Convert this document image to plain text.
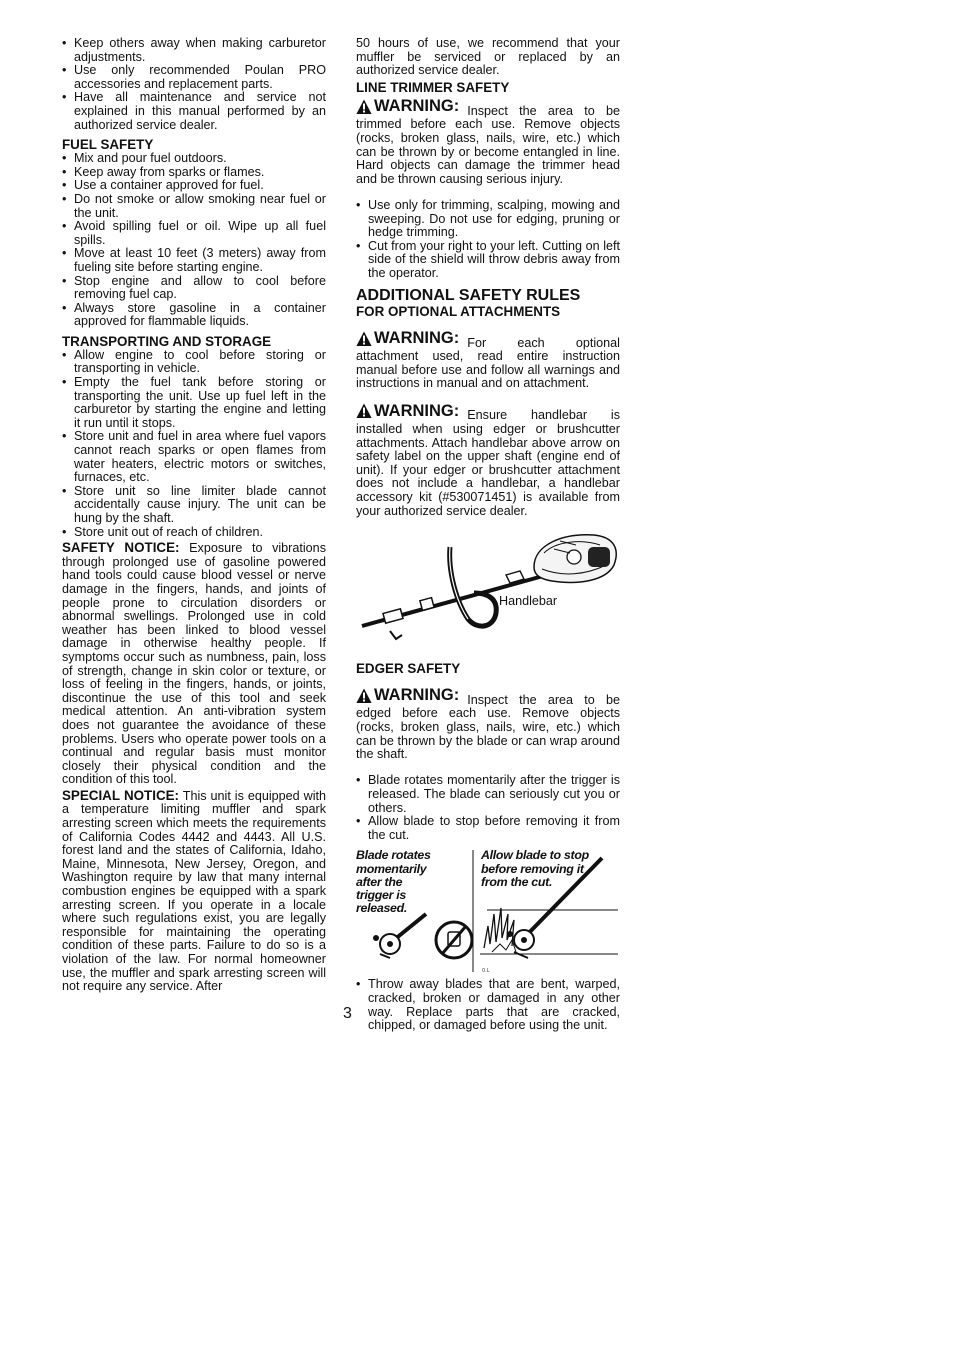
• Keep others away when making carburetor adjustments.
• Use only recommended Poulan PRO accessories and replacement parts.
• Have all maintenance and service not explained in this manual performed by an authorized service dealer.
FUEL SAFETY
• Mix and pour fuel outdoors.
• Keep away from sparks or flames.
• Use a container approved for fuel.
• Do not smoke or allow smoking near fuel or the unit.
• Avoid spilling fuel or oil. Wipe up all fuel spills.
• Move at least 10 feet (3 meters) away from fueling site before starting engine.
• Stop engine and allow to cool before removing fuel cap.
• Always store gasoline in a container approved for flammable liquids.
TRANSPORTING AND STORAGE
• Allow engine to cool before storing or transporting in vehicle.
• Empty the fuel tank before storing or transporting the unit. Use up fuel left in the carburetor by starting the engine and letting it run until it stops.
• Store unit and fuel in area where fuel vapors cannot reach sparks or open flames from water heaters, electric motors or switches, furnaces, etc.
• Store unit so line limiter blade cannot accidentally cause injury. The unit can be hung by the shaft.
• Store unit out of reach of children.

SAFETY NOTICE: Exposure to vibrations through prolonged use of gasoline powered hand tools could cause blood vessel or nerve damage in the fingers, hands, and joints of people prone to circulation disorders or abnormal swellings. Prolonged use in cold weather has been linked to blood vessel damage in otherwise healthy people. If symptoms occur such as numbness, pain, loss of strength, change in skin color or texture, or loss of feeling in the fingers, hands, or joints, discontinue the use of this tool and seek medical attention. An anti-vibration system does not guarantee the avoidance of these problems. Users who operate power tools on a continual and regular basis must monitor closely their physical condition and the condition of this tool.

SPECIAL NOTICE: This unit is equipped with a temperature limiting muffler and spark arresting screen which meets the requirements of California Codes 4442 and 4443. All U.S. forest land and the states of California, Idaho, Maine, Minnesota, New Jersey, Oregon, and Washington require by law that many internal combustion engines be equipped with a spark arresting screen. If you operate in a locale where such regulations exist, you are legally responsible for maintaining the operating condition of these parts. Failure to do so is a violation of the law. For normal homeowner use, the muffler and spark arresting screen will not require any service. After

50 hours of use, we recommend that your muffler be serviced or replaced by an authorized service dealer.

LINE TRIMMER SAFETY

WARNING: Inspect the area to be trimmed before each use. Remove objects (rocks, broken glass, nails, wire, etc.) which can be thrown by or become entangled in line. Hard objects can damage the trimmer head and be thrown causing serious injury.

• Use only for trimming, scalping, mowing and sweeping. Do not use for edging, pruning or hedge trimming.
• Cut from your right to your left. Cutting on left side of the shield will throw debris away from the operator.
ADDITIONAL SAFETY RULES
FOR OPTIONAL ATTACHMENTS

WARNING: For each optional attachment used, read entire instruction manual before use and follow all warnings and instructions in manual and on attachment.

WARNING: Ensure handlebar is installed when using edger or brushcutter attachments. Attach handlebar above arrow on safety label on the upper shaft (engine end of unit). If your edger or brushcutter attachment does not include a handlebar, a handlebar accessory kit (#530071451) is available from your authorized service dealer.

Handlebar
EDGER SAFETY

WARNING: Inspect the area to be edged before each use. Remove objects (rocks, broken glass, nails, wire, etc.) which can be thrown by the blade or can wrap around the shaft.

• Blade rotates momentarily after the trigger is released. The blade can seriously cut you or others.
• Allow blade to stop before removing it from the cut.
0.L
Blade rotates
momentarily
after the
trigger is
released.
Allow blade to stop
before removing it
from the cut.
• Throw away blades that are bent, warped, cracked, broken or damaged in any other way. Replace parts that are cracked, chipped, or damaged before using the unit.
3
